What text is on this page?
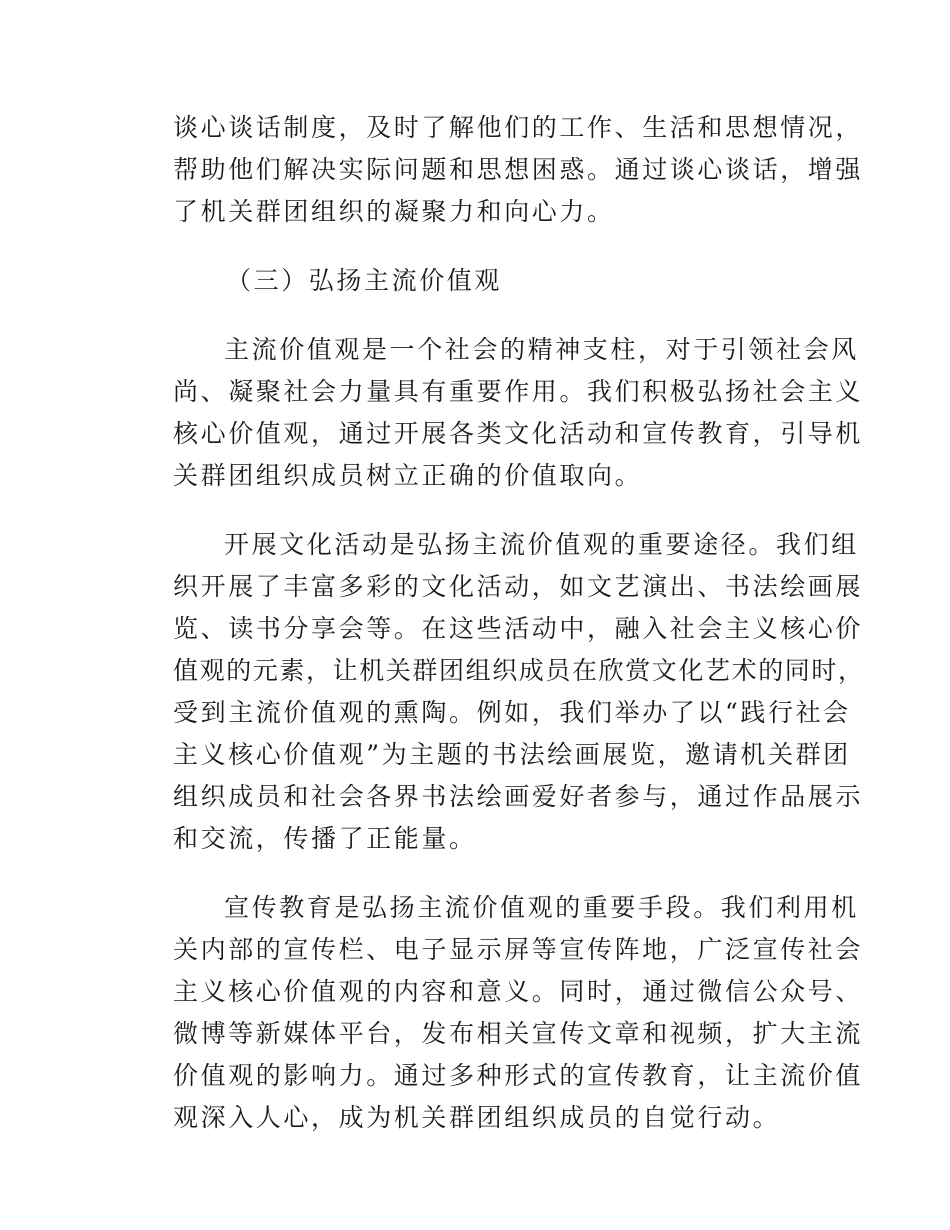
谈心谈话制度，及时了解他们的工作、生活和思想情况，
帮助他们解决实际问题和思想困惑。通过谈心谈话，增强
了机关群团组织的凝聚力和向心力。
（三）弘扬主流价值观
主流价值观是一个社会的精神支柱，对于引领社会风
尚、凝聚社会力量具有重要作用。我们积极弘扬社会主义
核心价值观，通过开展各类文化活动和宣传教育，引导机
关群团组织成员树立正确的价值取向。
开展文化活动是弘扬主流价值观的重要途径。我们组
织开展了丰富多彩的文化活动，如文艺演出、书法绘画展
览、读书分享会等。在这些活动中，融入社会主义核心价
值观的元素，让机关群团组织成员在欣赏文化艺术的同时，
受到主流价值观的熏陶。例如，我们举办了以“践行社会
主义核心价值观”为主题的书法绘画展览，邀请机关群团
组织成员和社会各界书法绘画爱好者参与，通过作品展示
和交流，传播了正能量。
宣传教育是弘扬主流价值观的重要手段。我们利用机
关内部的宣传栏、电子显示屏等宣传阵地，广泛宣传社会
主义核心价值观的内容和意义。同时，通过微信公众号、
微博等新媒体平台，发布相关宣传文章和视频，扩大主流
价值观的影响力。通过多种形式的宣传教育，让主流价值
观深入人心，成为机关群团组织成员的自觉行动。
